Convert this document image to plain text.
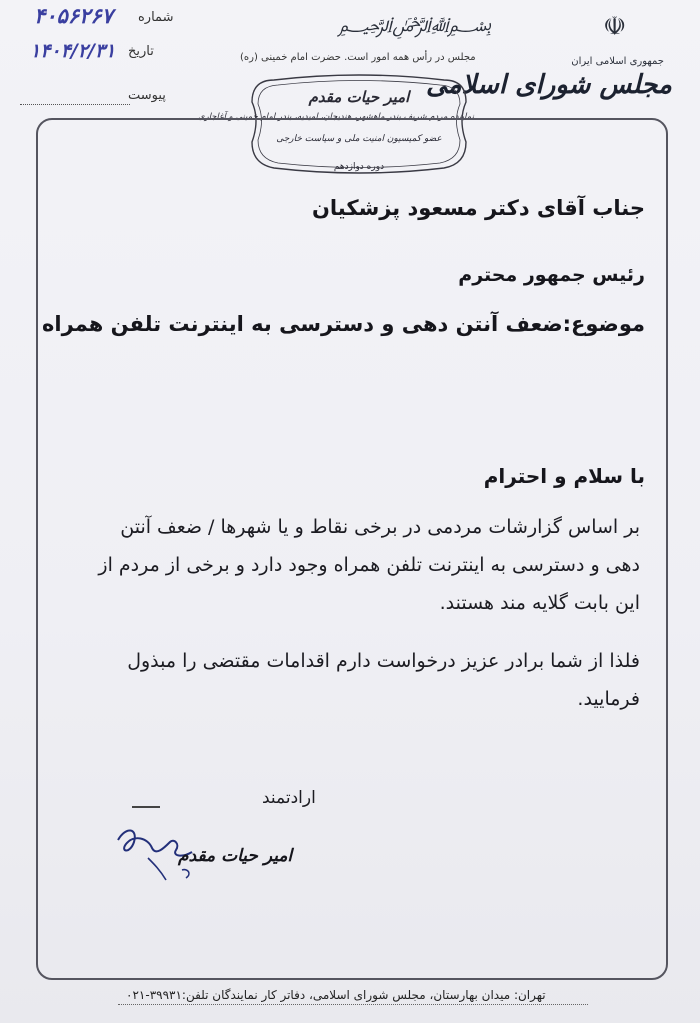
۴۰۵۶۲۶۷ شماره
۱۴۰۴/۲/۳۱ تاریخ
پیوست
﷽
مجلس در رأس همه امور است. حضرت امام خمینی (ره)
☫
جمهوری اسلامی ایران
مجلس شورای اسلامی
امیر حیات مقدم
نماینده مردم شریف بندر ماهشهر، هندیجان، امیدیه، بندر امام خمینی و آغاجاری
عضو کمیسیون امنیت ملی و سیاست خارجی
دوره دوازدهم
جناب آقای دکتر مسعود پزشکیان
رئیس جمهور محترم
موضوع:ضعف آنتن دهی و دسترسی به اینترنت تلفن همراه
با سلام و احترام
بر اساس گزارشات مردمی در برخی نقاط و یا شهرها / ضعف آنتن دهی و دسترسی به اینترنت تلفن همراه وجود دارد و برخی از مردم از این بابت گلایه مند هستند.
فلذا از شما برادر عزیز درخواست دارم اقدامات مقتضی را مبذول فرمایید.
ارادتمند
امیر حیات مقدم
تهران: میدان بهارستان، مجلس شورای اسلامی، دفاتر کار نمایندگان تلفن:۳۹۹۳۱-۰۲۱
